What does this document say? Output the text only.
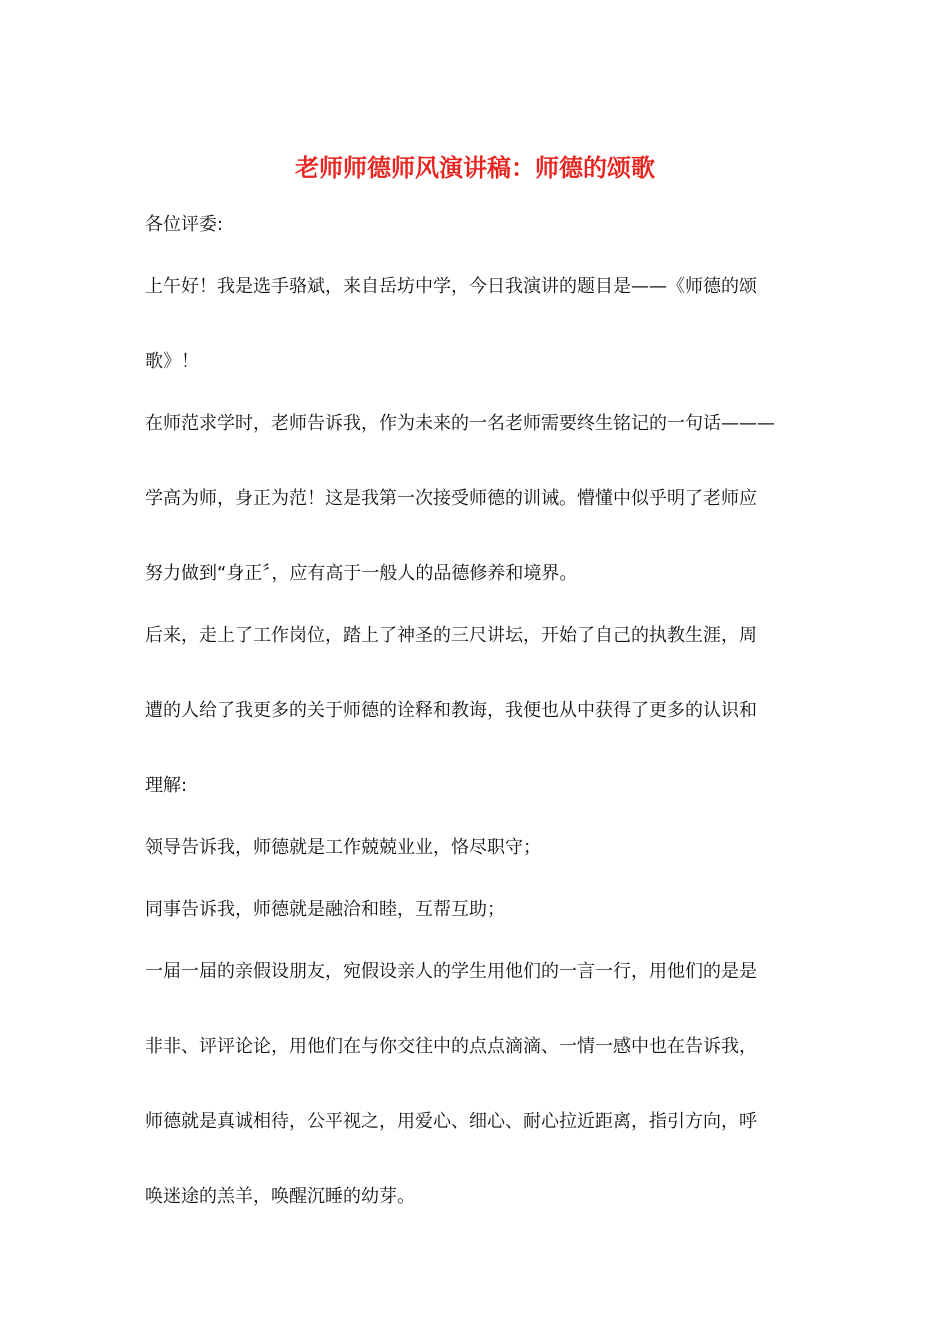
老师师德师风演讲稿：师德的颂歌

各位评委:

上午好！我是选手骆斌，来自岳坊中学，今日我演讲的题目是——《师德的颂

歌》！

在师范求学时，老师告诉我，作为未来的一名老师需要终生铭记的一句话———

学高为师，身正为范！这是我第一次接受师德的训诫。懵懂中似乎明了老师应

努力做到“身正〞，应有高于一般人的品德修养和境界。

后来，走上了工作岗位，踏上了神圣的三尺讲坛，开始了自己的执教生涯，周

遭的人给了我更多的关于师德的诠释和教诲，我便也从中获得了更多的认识和

理解:

领导告诉我，师德就是工作兢兢业业，恪尽职守；

同事告诉我，师德就是融洽和睦，互帮互助；

一届一届的亲假设朋友，宛假设亲人的学生用他们的一言一行，用他们的是是

非非、评评论论，用他们在与你交往中的点点滴滴、一情一感中也在告诉我，

师德就是真诚相待，公平视之，用爱心、细心、耐心拉近距离，指引方向，呼

唤迷途的羔羊，唤醒沉睡的幼芽。
